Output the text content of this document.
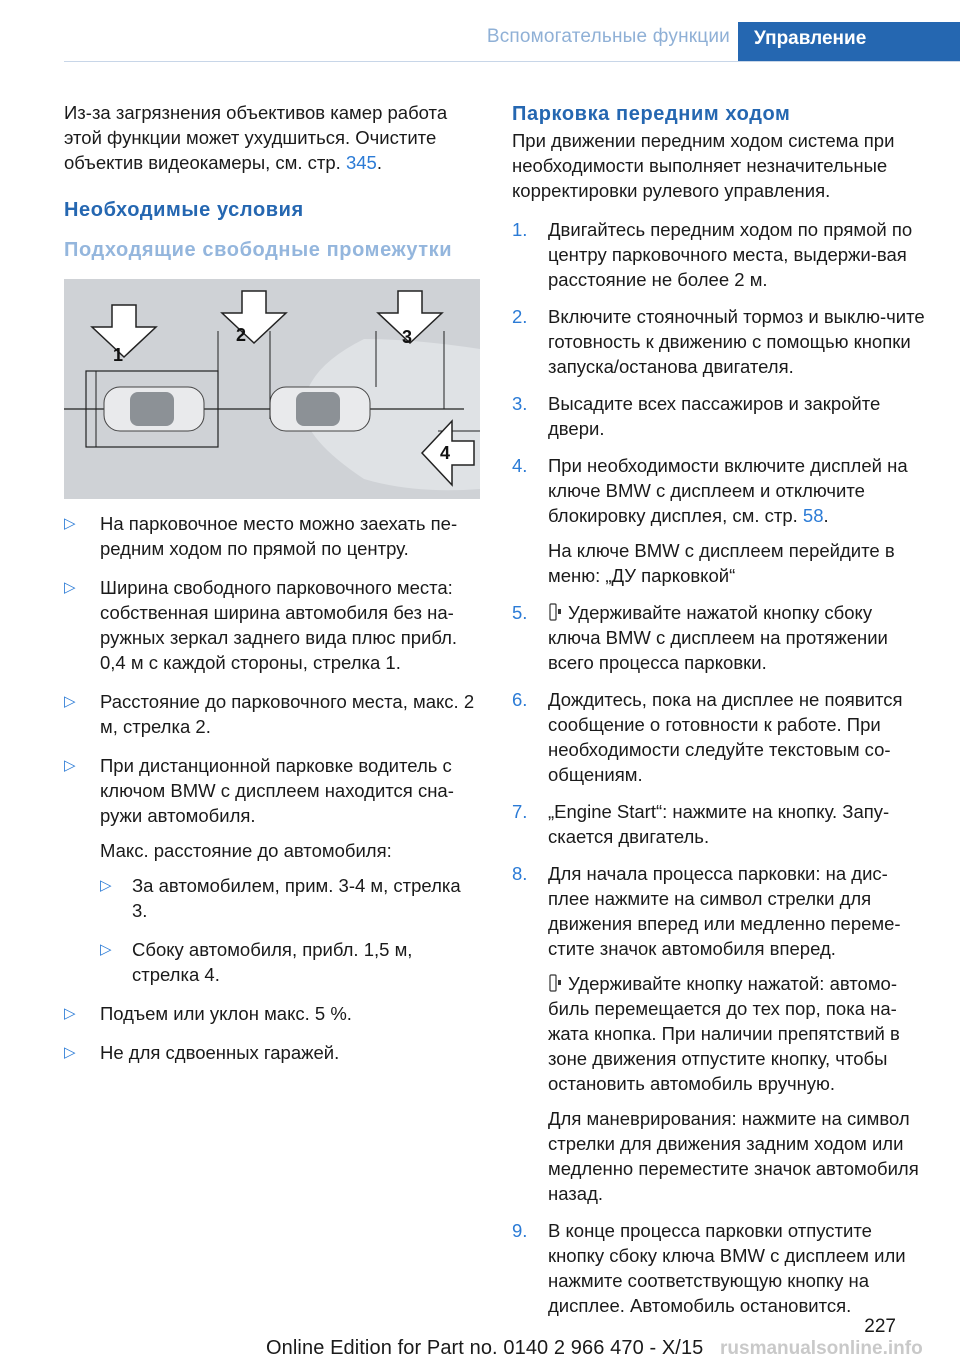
Вспомогательные функции	Управление

Из-за загрязнения объективов камер работа этой функции может ухудшиться. Очистите объектив видеокамеры, см. стр. 345.

Необходимые условия
Подходящие свободные промежутки
1
2	3
4
▷ На парковочное место можно заехать пе-редним ходом по прямой по центру.
▷ Ширина свободного парковочного места: собственная ширина автомобиля без на-ружных зеркал заднего вида плюс прибл. 0,4 м с каждой стороны, стрелка 1.
▷ Расстояние до парковочного места, макс. 2 м, стрелка 2.
▷ При дистанционной парковке водитель с ключом BMW с дисплеем находится сна-ружи автомобиля.

Макс. расстояние до автомобиля:

▷ За автомобилем, прим. 3-4 м, стрелка 3.
▷ Сбоку автомобиля, прибл. 1,5 м, стрелка 4.
▷ Подъем или уклон макс. 5 %.
▷ Не для сдвоенных гаражей.
Парковка передним ходом

При движении передним ходом система при необходимости выполняет незначительные корректировки рулевого управления.

1. Двигайтесь передним ходом по прямой по центру парковочного места, выдержи-вая расстояние не более 2 м.
2. Включите стояночный тормоз и выклю-чите готовность к движению с помощью кнопки запуска/останова двигателя.
3. Высадите всех пассажиров и закройте двери.
4. При необходимости включите дисплей на ключе BMW с дисплеем и отключите блокировку дисплея, см. стр. 58.

На ключе BMW с дисплеем перейдите в меню: „ДУ парковкой“

5. Удерживайте нажатой кнопку сбоку ключа BMW с дисплеем на протяжении всего процесса парковки.
6. Дождитесь, пока на дисплее не появится сообщение о готовности к работе. При необходимости следуйте текстовым со-общениям.
7. „Engine Start“: нажмите на кнопку. Запу-скается двигатель.
8. Для начала процесса парковки: на дис-плее нажмите на символ стрелки для движения вперед или медленно переме-стите значок автомобиля вперед.

Удерживайте кнопку нажатой: автомо-биль перемещается до тех пор, пока на-жата кнопка. При наличии препятствий в зоне движения отпустите кнопку, чтобы остановить автомобиль вручную.

Для маневрирования: нажмите на символ стрелки для движения задним ходом или медленно переместите значок автомобиля назад.

9. В конце процесса парковки отпустите кнопку сбоку ключа BMW с дисплеем или нажмите соответствующую кнопку на дисплее. Автомобиль остановится.
227
Online Edition for Part no. 0140 2 966 470 - X/15 rusmanualsonline.info
